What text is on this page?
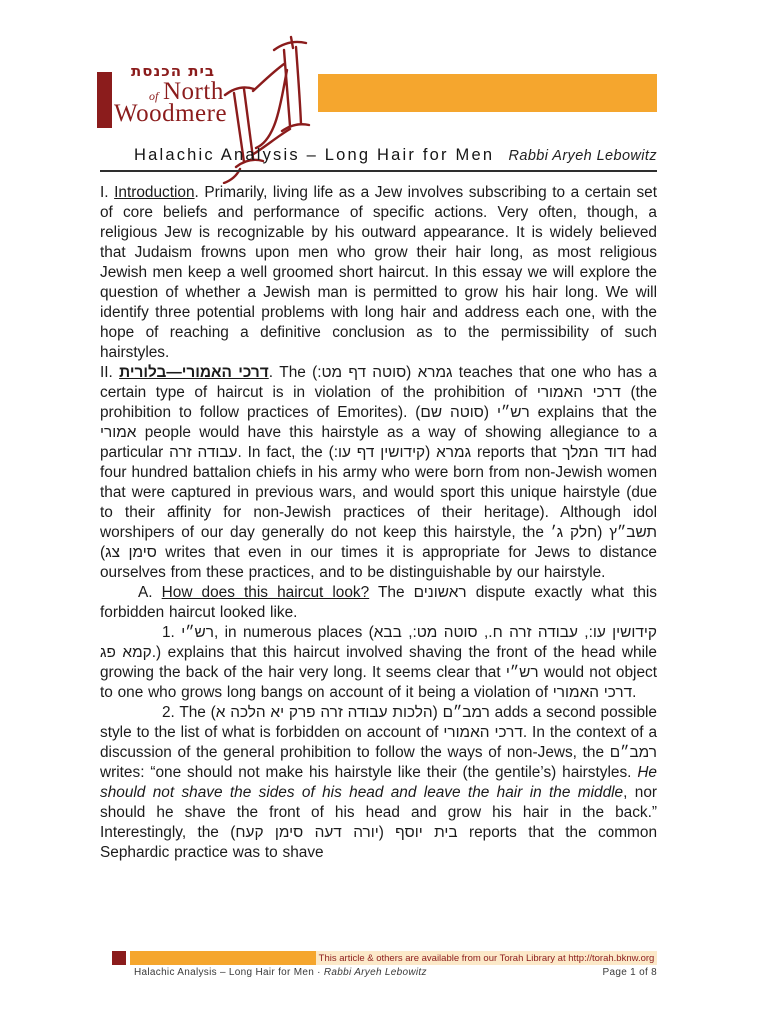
בית הכנסת
of North
Woodmere
Halachic Analysis – Long Hair for Men Rabbi Aryeh Lebowitz

I. Introduction. Primarily, living life as a Jew involves subscribing to a certain set of core beliefs and performance of specific actions. Very often, though, a religious Jew is recognizable by his outward appearance. It is widely believed that Judaism frowns upon men who grow their hair long, as most religious Jewish men keep a well groomed short haircut. In this essay we will explore the question of whether a Jewish man is permitted to grow his hair long. We will identify three potential problems with long hair and address each one, with the hope of reaching a definitive conclusion as to the permissibility of such hairstyles.

II. דרכי האמורי—בלורית. The גמרא (סוטה דף מט:) teaches that one who has a certain type of haircut is in violation of the prohibition of דרכי האמורי (the prohibition to follow practices of Emorites). רש״י (סוטה שם) explains that the אמורי people would have this hairstyle as a way of showing allegiance to a particular עבודה זרה. In fact, the גמרא (קידושין דף עו:) reports that דוד המלך had four hundred battalion chiefs in his army who were born from non-Jewish women that were captured in previous wars, and would sport this unique hairstyle (due to their affinity for non-Jewish practices of their heritage). Although idol worshipers of our day generally do not keep this hairstyle, the תשב״ץ (חלק ג׳ סימן צג) writes that even in our times it is appropriate for Jews to distance ourselves from these practices, and to be distinguishable by our hairstyle.

A. How does this haircut look? The ראשונים dispute exactly what this forbidden haircut looked like.

1. רש״י, in numerous places (קידושין עו:, עבודה זרה ח., סוטה מט:, בבא קמא פג.) explains that this haircut involved shaving the front of the head while growing the back of the hair very long. It seems clear that רש״י would not object to one who grows long bangs on account of it being a violation of דרכי האמורי.

2. The רמב״ם (הלכות עבודה זרה פרק יא הלכה א) adds a second possible style to the list of what is forbidden on account of דרכי האמורי. In the context of a discussion of the general prohibition to follow the ways of non-Jews, the רמב״ם writes: “one should not make his hairstyle like their (the gentile’s) hairstyles. He should not shave the sides of his head and leave the hair in the middle, nor should he shave the front of his head and grow his hair in the back.” Interestingly, the בית יוסף (יורה דעה סימן קעח) reports that the common Sephardic practice was to shave

This article & others are available from our Torah Library at http://torah.bknw.org
Halachic Analysis – Long Hair for Men · Rabbi Aryeh Lebowitz	Page 1 of 8
